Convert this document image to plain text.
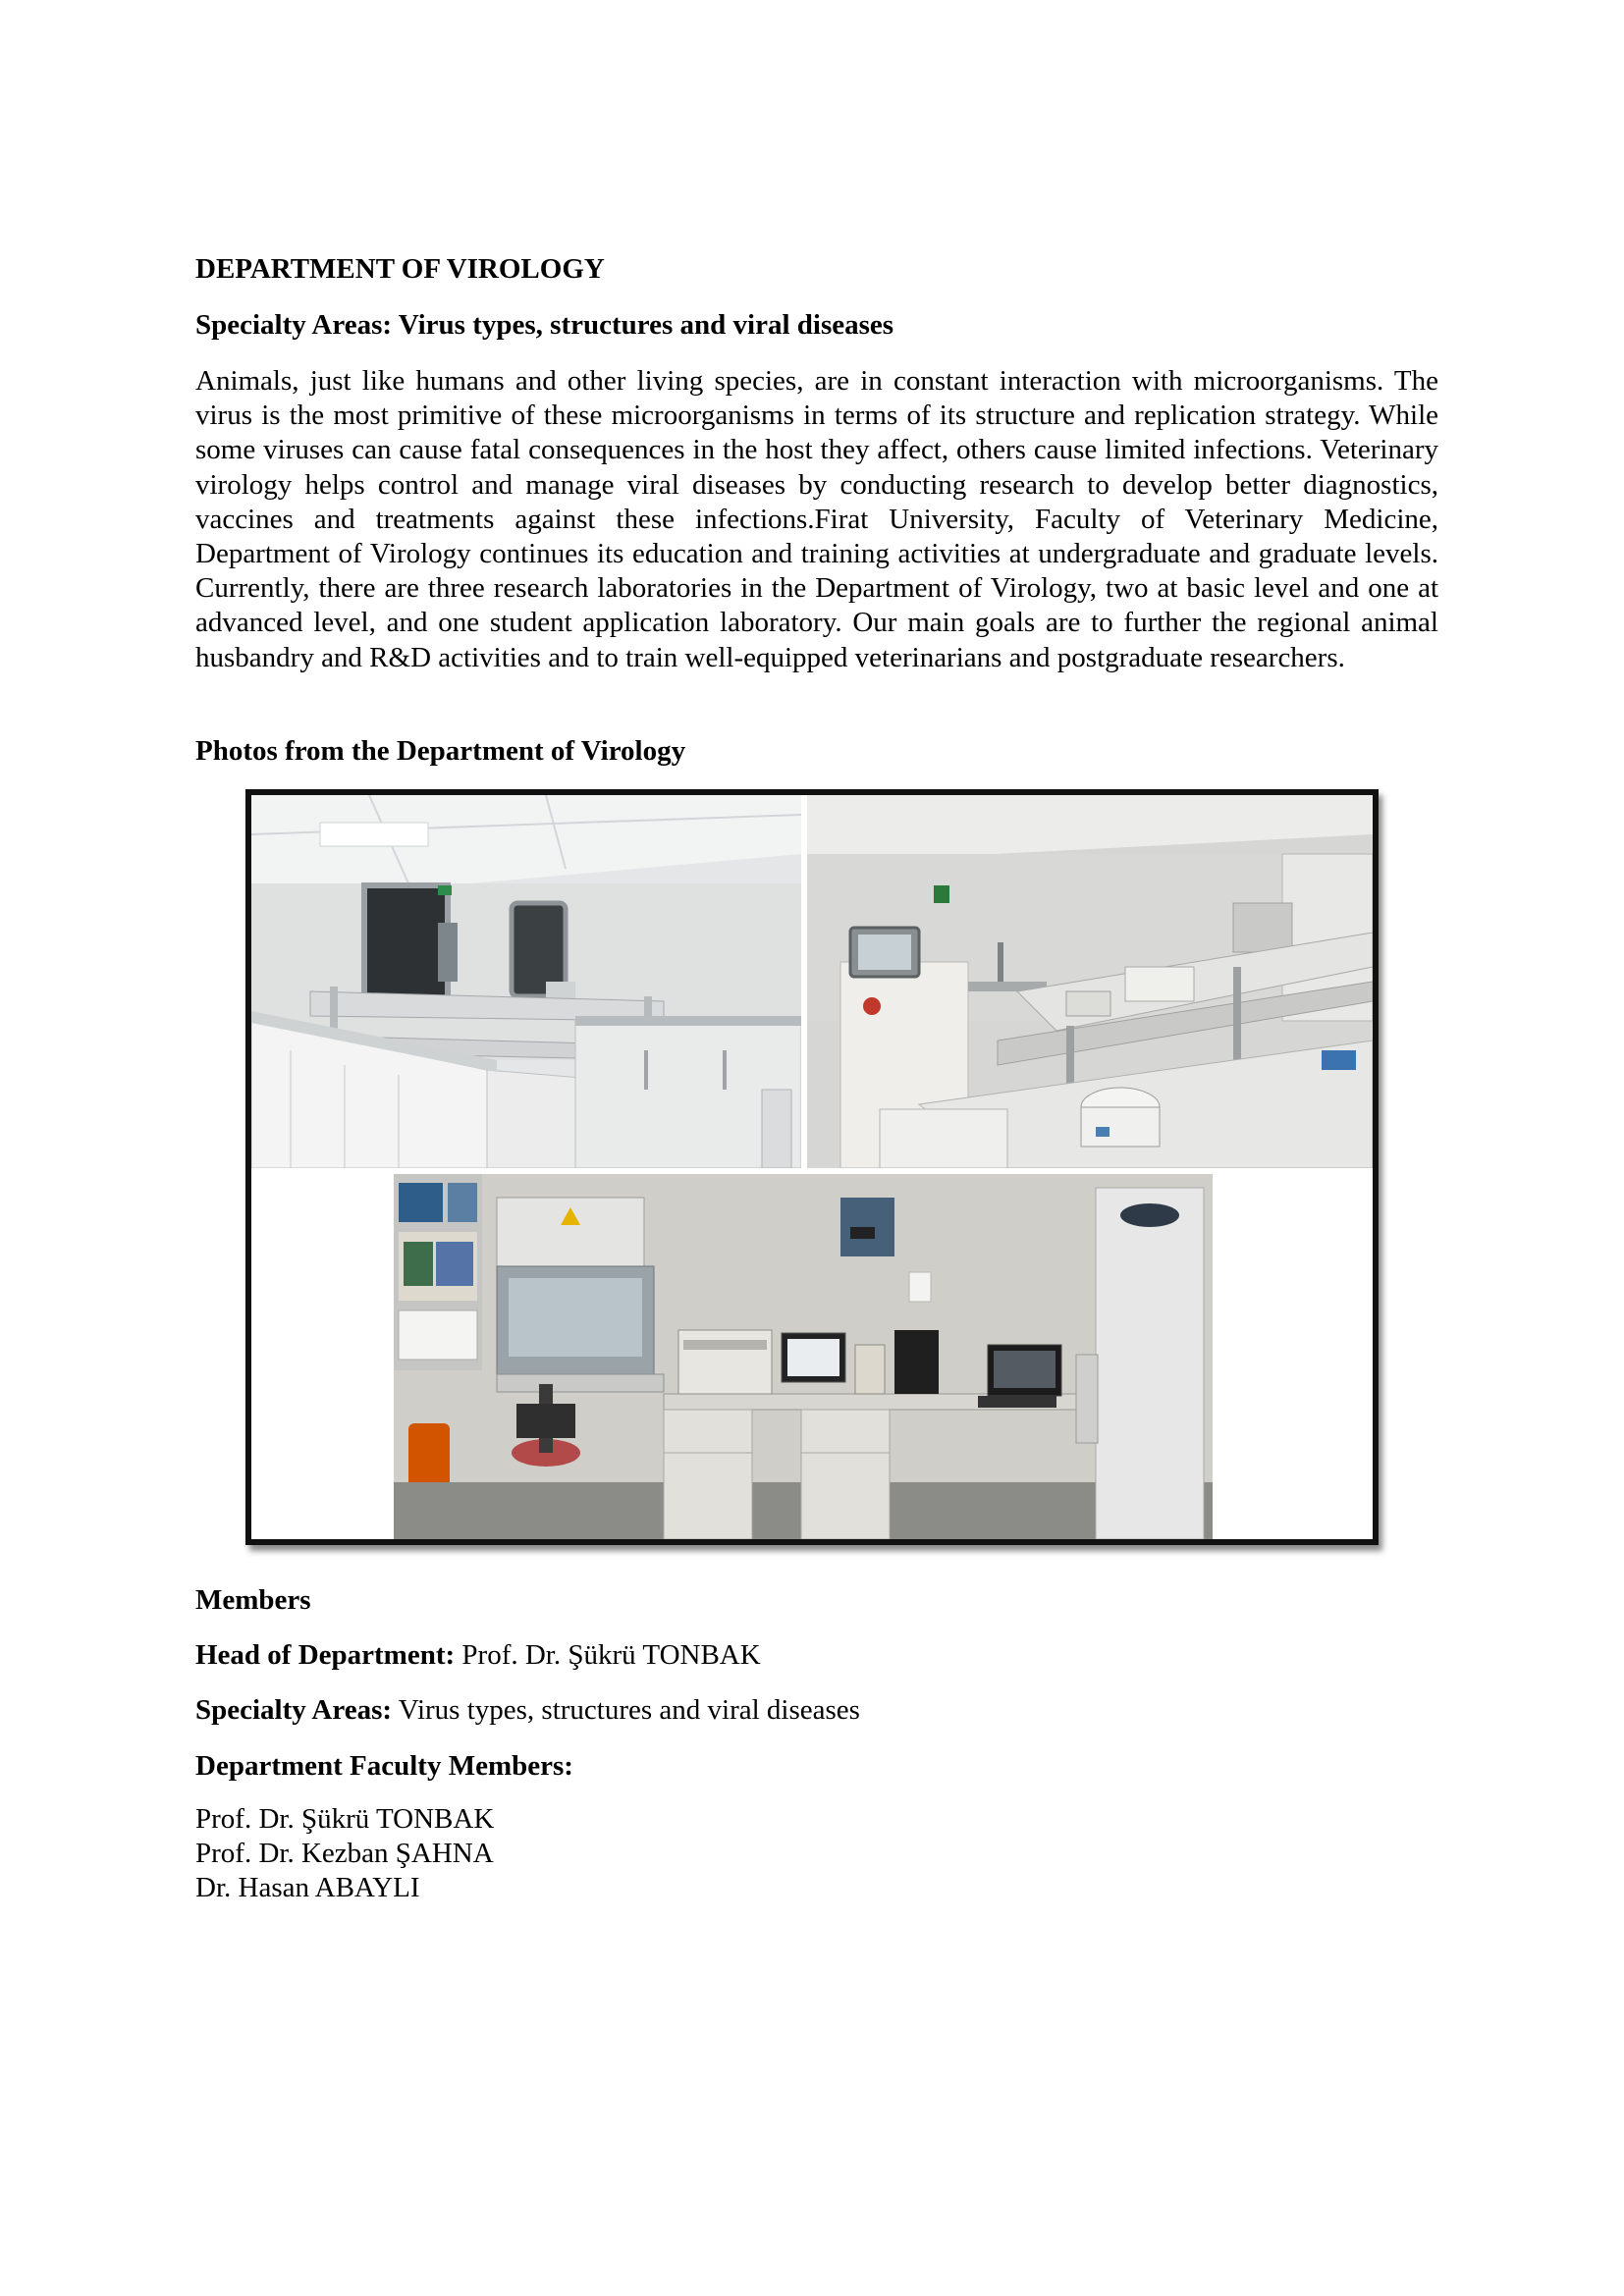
DEPARTMENT OF VIROLOGY
Specialty Areas: Virus types, structures and viral diseases
Animals, just like humans and other living species, are in constant interaction with microorganisms. The virus is the most primitive of these microorganisms in terms of its structure and replication strategy. While some viruses can cause fatal consequences in the host they affect, others cause limited infections. Veterinary virology helps control and manage viral diseases by conducting research to develop better diagnostics, vaccines and treatments against these infections.Firat University, Faculty of Veterinary Medicine, Department of Virology continues its education and training activities at undergraduate and graduate levels. Currently, there are three research laboratories in the Department of Virology, two at basic level and one at advanced level, and one student application laboratory. Our main goals are to further the regional animal husbandry and R&D activities and to train well-equipped veterinarians and postgraduate researchers.
Photos from the Department of Virology
Members
Head of Department: Prof. Dr. Şükrü TONBAK
Specialty Areas: Virus types, structures and viral diseases
Department Faculty Members:
Prof. Dr. Şükrü TONBAK
Prof. Dr. Kezban ŞAHNA
Dr. Hasan ABAYLI
